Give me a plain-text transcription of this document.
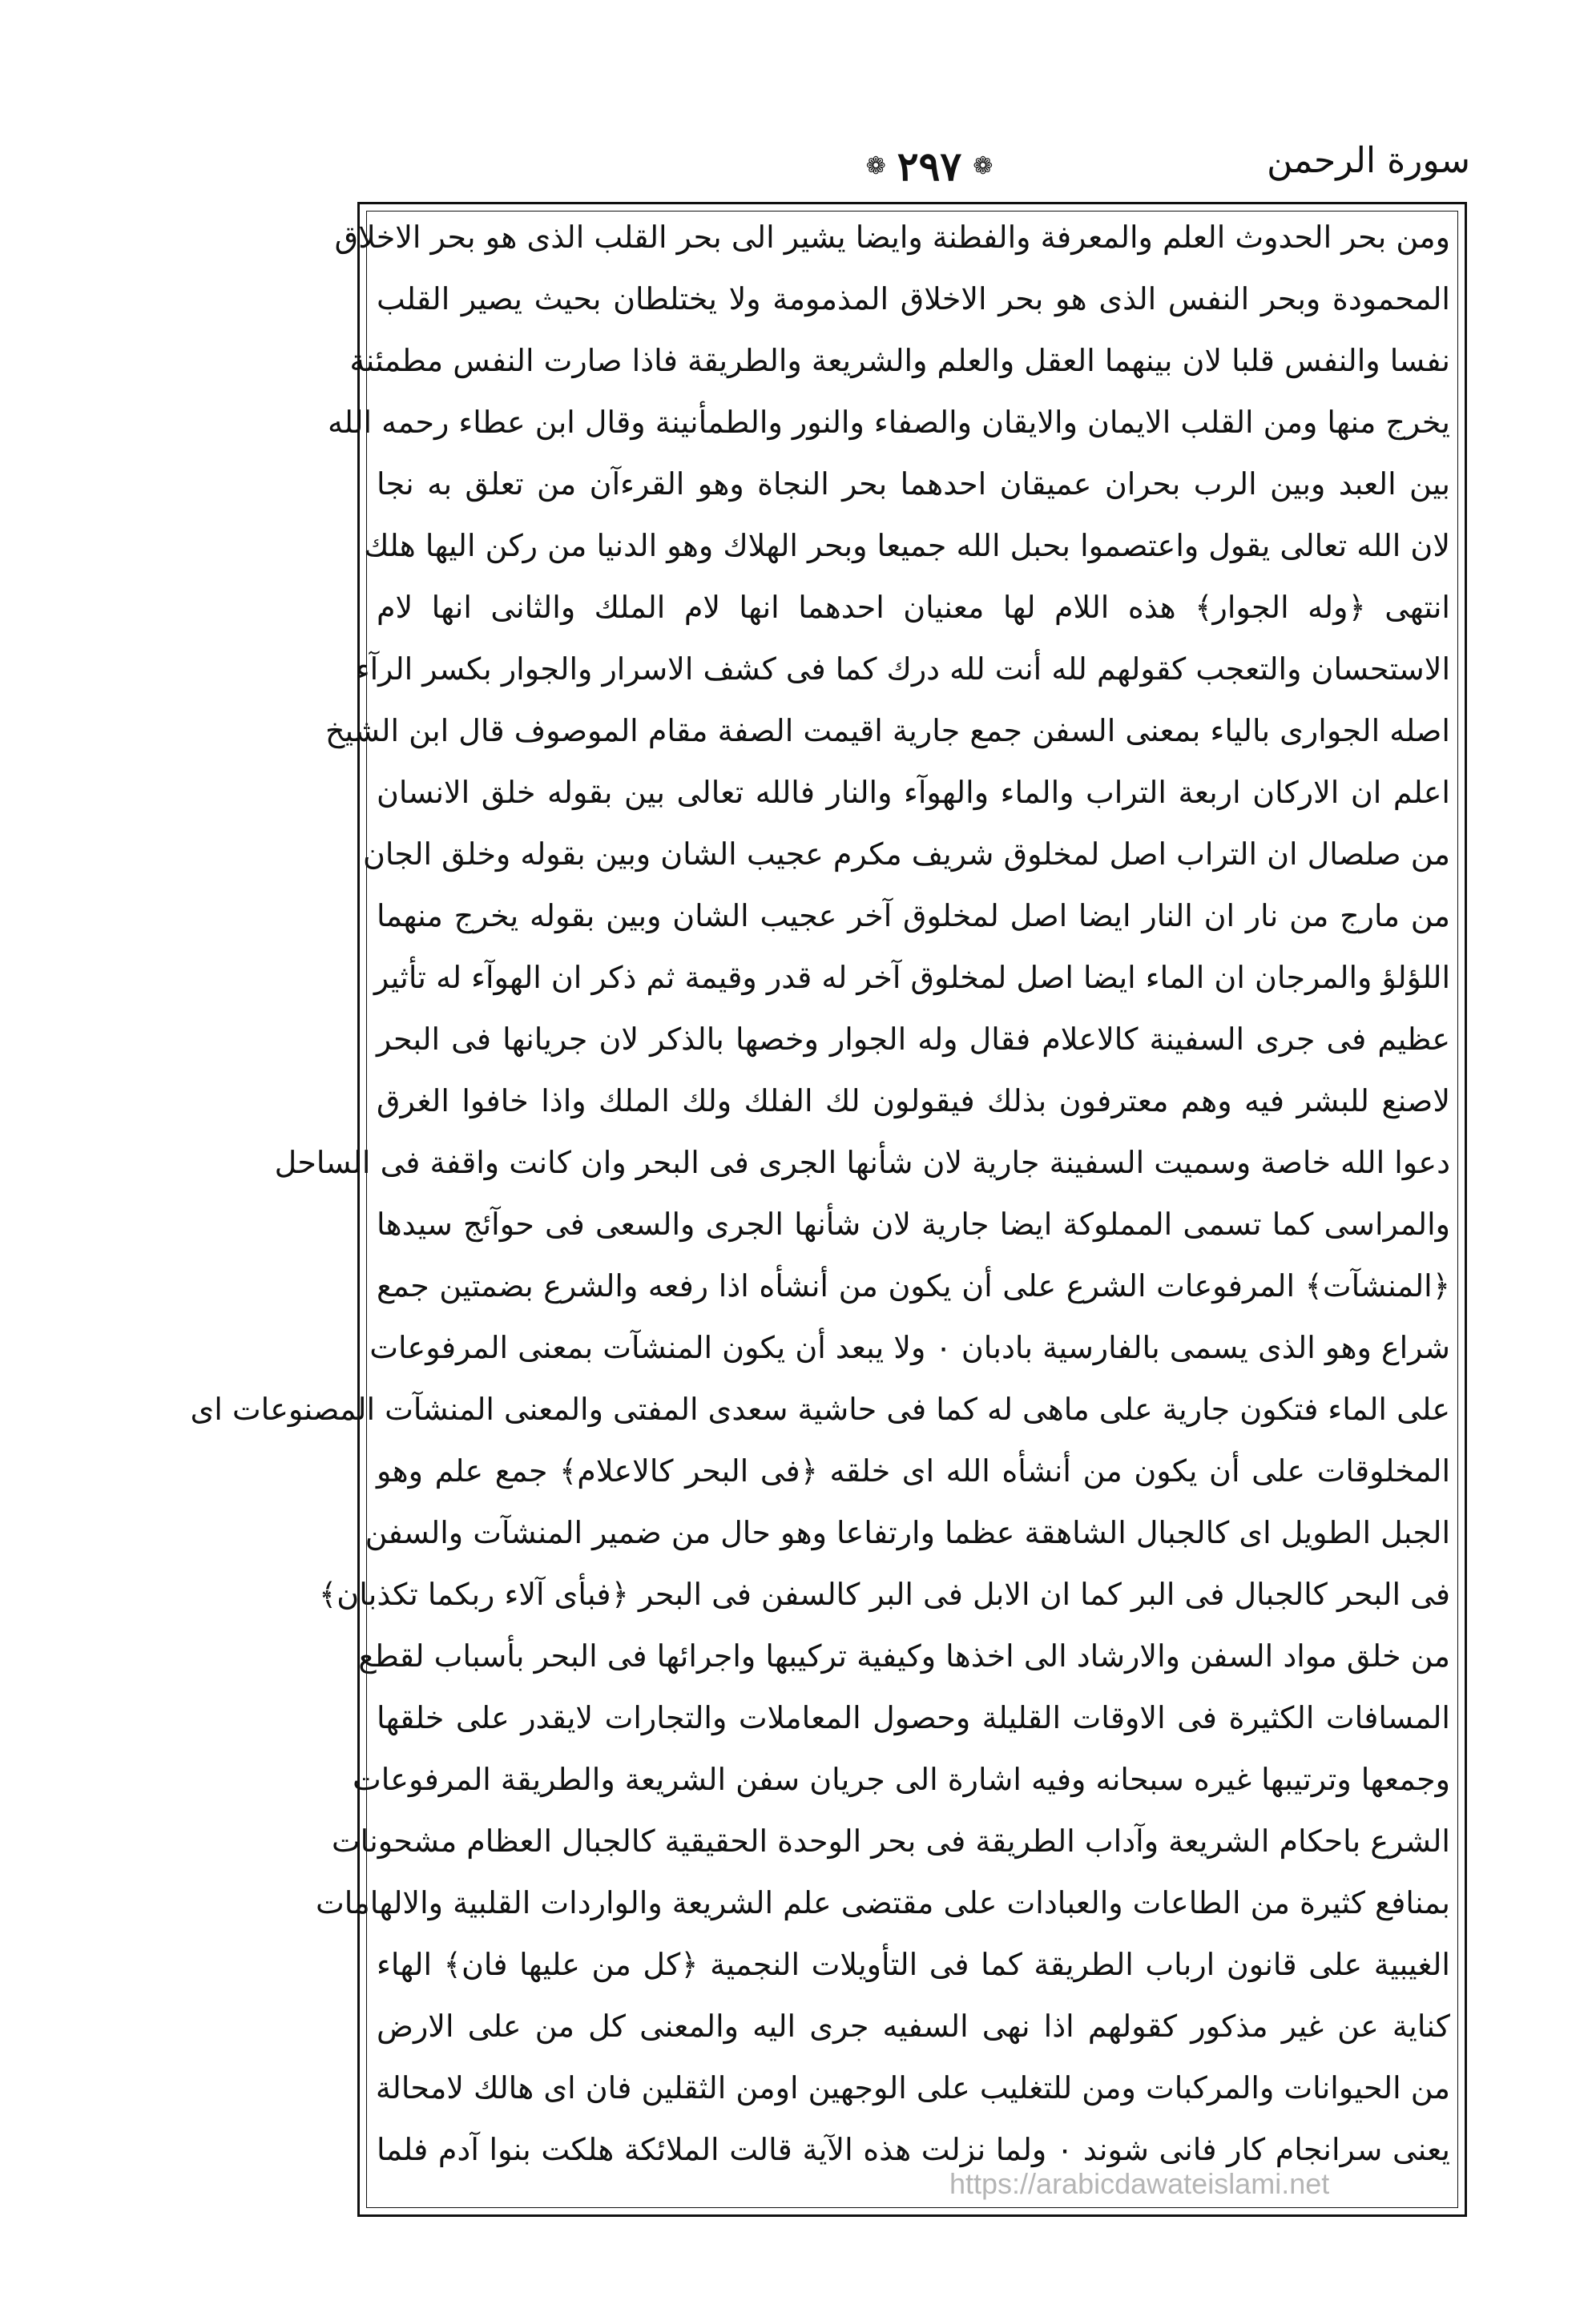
سورة الرحمن
❁ ٢٩٧ ❁
ومن بحر الحدوث العلم والمعرفة والفطنة وايضا يشير الى بحر القلب الذى هو بحر الاخلاق
المحمودة وبحر النفس الذى هو بحر الاخلاق المذمومة ولا يختلطان بحيث يصير القلب
نفسا والنفس قلبا لان بينهما العقل والعلم والشريعة والطريقة فاذا صارت النفس مطمئنة
يخرج منها ومن القلب الايمان والايقان والصفاء والنور والطمأنينة وقال ابن عطاء رحمه الله
بين العبد وبين الرب بحران عميقان احدهما بحر النجاة وهو القرءآن من تعلق به نجا
لان الله تعالى يقول واعتصموا بحبل الله جميعا وبحر الهلاك وهو الدنيا من ركن اليها هلك
انتهى ﴿وله الجوار﴾ هذه اللام لها معنيان احدهما انها لام الملك والثانى انها لام
الاستحسان والتعجب كقولهم لله أنت لله درك كما فى كشف الاسرار والجوار بكسر الرآء
اصله الجوارى بالياء بمعنى السفن جمع جارية اقيمت الصفة مقام الموصوف قال ابن الشيخ
اعلم ان الاركان اربعة التراب والماء والهوآء والنار فالله تعالى بين بقوله خلق الانسان
من صلصال ان التراب اصل لمخلوق شريف مكرم عجيب الشان وبين بقوله وخلق الجان
من مارج من نار ان النار ايضا اصل لمخلوق آخر عجيب الشان وبين بقوله يخرج منهما
اللؤلؤ والمرجان ان الماء ايضا اصل لمخلوق آخر له قدر وقيمة ثم ذكر ان الهوآء له تأثير
عظيم فى جرى السفينة كالاعلام فقال وله الجوار وخصها بالذكر لان جريانها فى البحر
لاصنع للبشر فيه وهم معترفون بذلك فيقولون لك الفلك ولك الملك واذا خافوا الغرق
دعوا الله خاصة وسميت السفينة جارية لان شأنها الجرى فى البحر وان كانت واقفة فى الساحل
والمراسى كما تسمى المملوكة ايضا جارية لان شأنها الجرى والسعى فى حوآئج سيدها
﴿المنشآت﴾ المرفوعات الشرع على أن يكون من أنشأه اذا رفعه والشرع بضمتين جمع
شراع وهو الذى يسمى بالفارسية بادبان ۰ ولا يبعد أن يكون المنشآت بمعنى المرفوعات
على الماء فتكون جارية على ماهى له كما فى حاشية سعدى المفتى والمعنى المنشآت المصنوعات اى
المخلوقات على أن يكون من أنشأه الله اى خلقه ﴿فى البحر كالاعلام﴾ جمع علم وهو
الجبل الطويل اى كالجبال الشاهقة عظما وارتفاعا وهو حال من ضمير المنشآت والسفن
فى البحر كالجبال فى البر كما ان الابل فى البر كالسفن فى البحر ﴿فبأى آلاء ربكما تكذبان﴾
من خلق مواد السفن والارشاد الى اخذها وكيفية تركيبها واجرائها فى البحر بأسباب لقطع
المسافات الكثيرة فى الاوقات القليلة وحصول المعاملات والتجارات لايقدر على خلقها
وجمعها وترتيبها غيره سبحانه وفيه اشارة الى جريان سفن الشريعة والطريقة المرفوعات
الشرع باحكام الشريعة وآداب الطريقة فى بحر الوحدة الحقيقية كالجبال العظام مشحونات
بمنافع كثيرة من الطاعات والعبادات على مقتضى علم الشريعة والواردات القلبية والالهامات
الغيبية على قانون ارباب الطريقة كما فى التأويلات النجمية ﴿كل من عليها فان﴾ الهاء
كناية عن غير مذكور كقولهم اذا نهى السفيه جرى اليه والمعنى كل من على الارض
من الحيوانات والمركبات ومن للتغليب على الوجهين اومن الثقلين فان اى هالك لامحالة
يعنى سرانجام كار فانى شوند ۰ ولما نزلت هذه الآية قالت الملائكة هلكت بنوا آدم فلما
https://arabicdawateislami.net
